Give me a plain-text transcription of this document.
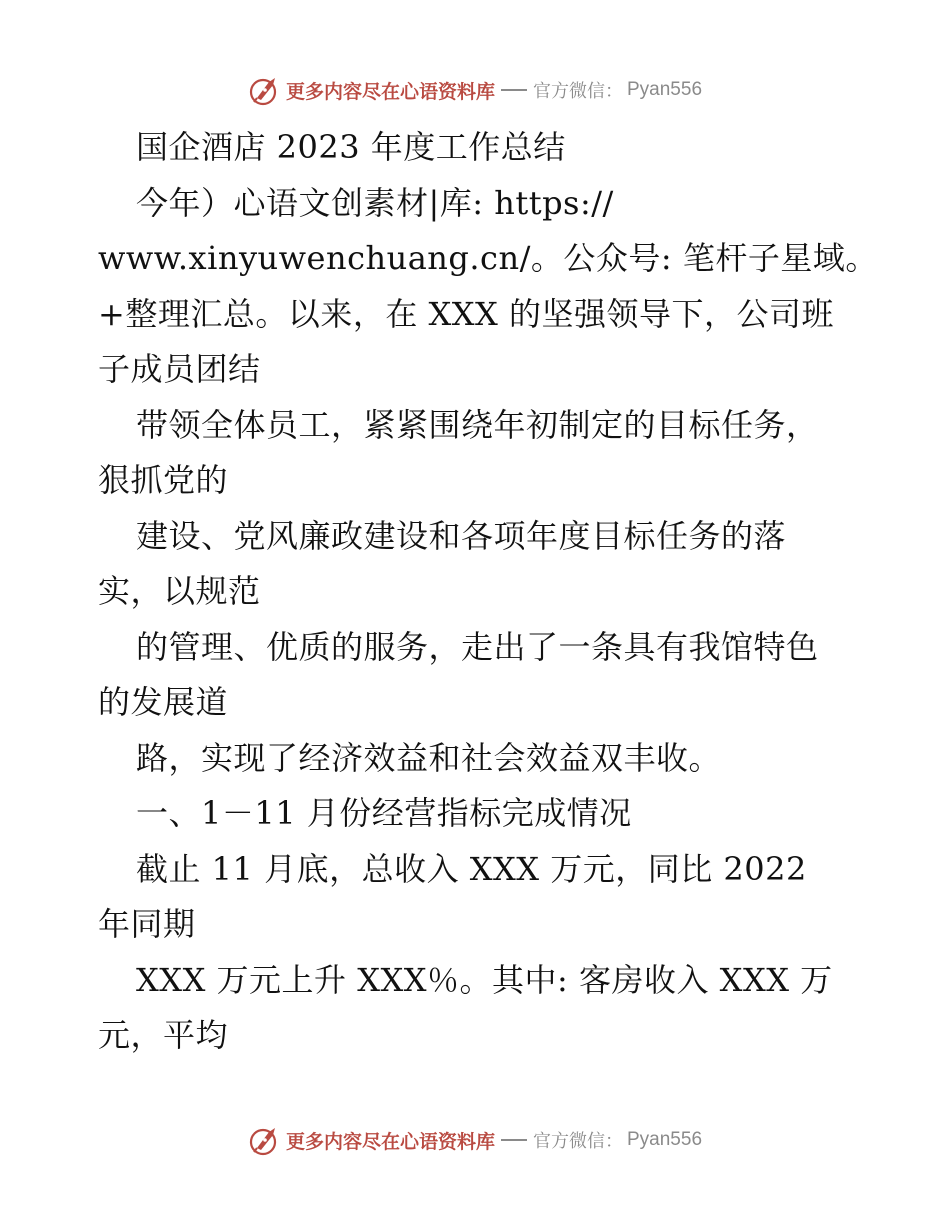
更多内容尽在心语资料库 官方微信： Pyan556
国企酒店 2023 年度工作总结
今年）心语文创素材|库: https://
www.xinyuwenchuang.cn/。公众号: 笔杆子星域。
+整理汇总。以来，在 XXX 的坚强领导下，公司班
子成员团结
带领全体员工，紧紧围绕年初制定的目标任务，
狠抓党的
建设、党风廉政建设和各项年度目标任务的落
实，以规范
的管理、优质的服务，走出了一条具有我馆特色
的发展道
路，实现了经济效益和社会效益双丰收。
一、1－11 月份经营指标完成情况
截止 11 月底，总收入 XXX 万元，同比 2022
年同期
XXX 万元上升 XXX％。其中: 客房收入 XXX 万
元，平均
更多内容尽在心语资料库 官方微信： Pyan556
